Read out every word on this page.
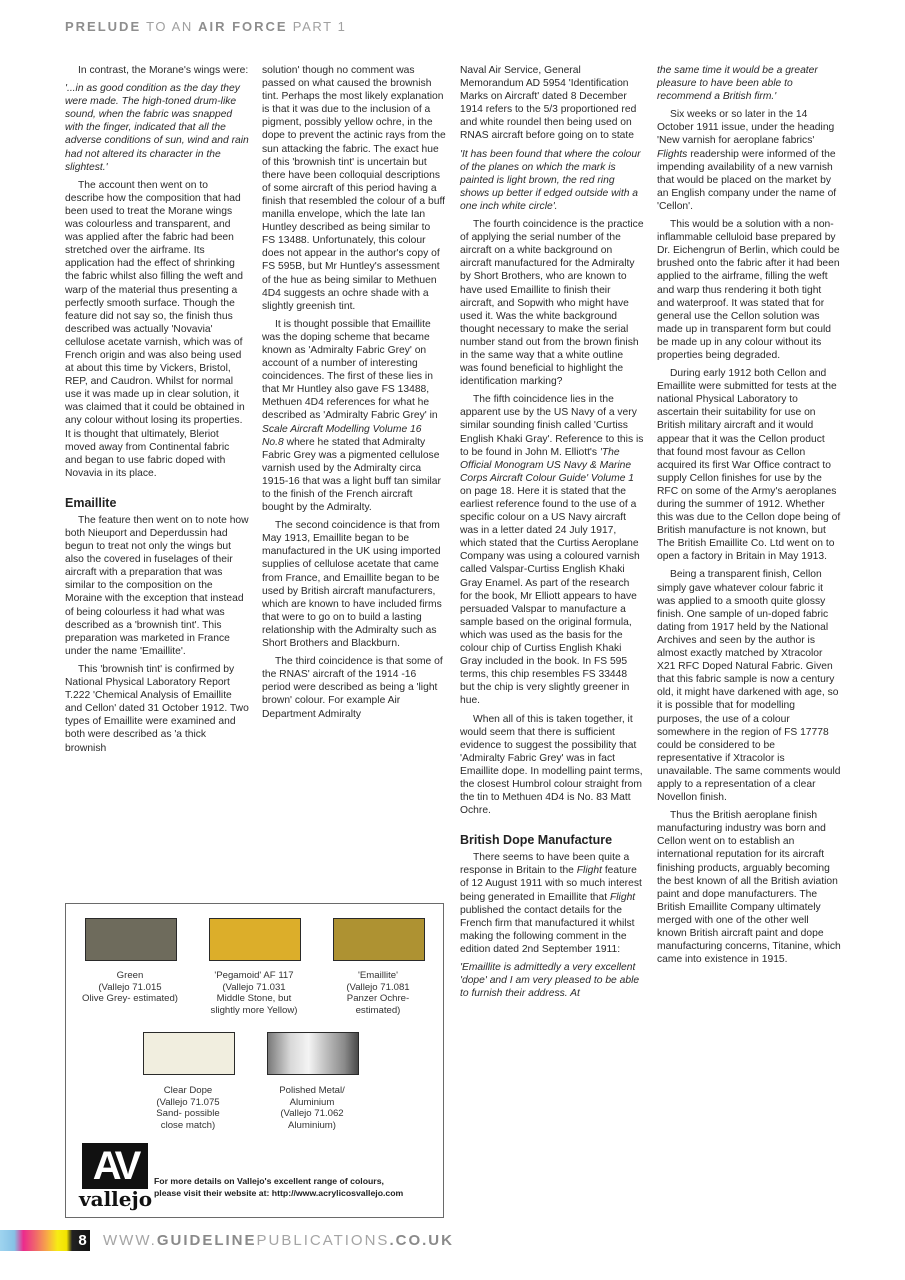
PRELUDE TO AN AIR FORCE PART 1

In contrast, the Morane's wings were:

'...in as good condition as the day they were made. The high-toned drum-like sound, when the fabric was snapped with the finger, indicated that all the adverse conditions of sun, wind and rain had not altered its character in the slightest.'

The account then went on to describe how the composition that had been used to treat the Morane wings was colourless and transparent, and was applied after the fabric had been stretched over the airframe. Its application had the effect of shrinking the fabric whilst also filling the weft and warp of the material thus presenting a perfectly smooth surface. Though the feature did not say so, the finish thus described was actually 'Novavia' cellulose acetate varnish, which was of French origin and was also being used at about this time by Vickers, Bristol, REP, and Caudron. Whilst for normal use it was made up in clear solution, it was claimed that it could be obtained in any colour without losing its properties. It is thought that ultimately, Bleriot moved away from Continental fabric and began to use fabric doped with Novavia in its place.

Emaillite

The feature then went on to note how both Nieuport and Deperdussin had begun to treat not only the wings but also the covered in fuselages of their aircraft with a preparation that was similar to the composition on the Moraine with the exception that instead of being colourless it had what was described as a 'brownish tint'. This preparation was marketed in France under the name 'Emaillite'.

This 'brownish tint' is confirmed by National Physical Laboratory Report T.222 'Chemical Analysis of Emaillite and Cellon' dated 31 October 1912. Two types of Emaillite were examined and both were described as 'a thick brownish

solution' though no comment was passed on what caused the brownish tint. Perhaps the most likely explanation is that it was due to the inclusion of a pigment, possibly yellow ochre, in the dope to prevent the actinic rays from the sun attacking the fabric. The exact hue of this 'brownish tint' is uncertain but there have been colloquial descriptions of some aircraft of this period having a finish that resembled the colour of a buff manilla envelope, which the late Ian Huntley described as being similar to FS 13488. Unfortunately, this colour does not appear in the author's copy of FS 595B, but Mr Huntley's assessment of the hue as being similar to Methuen 4D4 suggests an ochre shade with a slightly greenish tint.

It is thought possible that Emaillite was the doping scheme that became known as 'Admiralty Fabric Grey' on account of a number of interesting coincidences. The first of these lies in that Mr Huntley also gave FS 13488, Methuen 4D4 references for what he described as 'Admiralty Fabric Grey' in Scale Aircraft Modelling Volume 16 No.8 where he stated that Admiralty Fabric Grey was a pigmented cellulose varnish used by the Admiralty circa 1915-16 that was a light buff tan similar to the finish of the French aircraft bought by the Admiralty.

The second coincidence is that from May 1913, Emaillite began to be manufactured in the UK using imported supplies of cellulose acetate that came from France, and Emaillite began to be used by British aircraft manufacturers, which are known to have included firms that were to go on to build a lasting relationship with the Admiralty such as Short Brothers and Blackburn.

The third coincidence is that some of the RNAS' aircraft of the 1914 -16 period were described as being a 'light brown' colour. For example Air Department Admiralty

Naval Air Service, General Memorandum AD 5954 'Identification Marks on Aircraft' dated 8 December 1914 refers to the 5/3 proportioned red and white roundel then being used on RNAS aircraft before going on to state

'It has been found that where the colour of the planes on which the mark is painted is light brown, the red ring shows up better if edged outside with a one inch white circle'.

The fourth coincidence is the practice of applying the serial number of the aircraft on a white background on aircraft manufactured for the Admiralty by Short Brothers, who are known to have used Emaillite to finish their aircraft, and Sopwith who might have used it. Was the white background thought necessary to make the serial number stand out from the brown finish in the same way that a white outline was found beneficial to highlight the identification marking?

The fifth coincidence lies in the apparent use by the US Navy of a very similar sounding finish called 'Curtiss English Khaki Gray'. Reference to this is to be found in John M. Elliott's 'The Official Monogram US Navy & Marine Corps Aircraft Colour Guide' Volume 1 on page 18. Here it is stated that the earliest reference found to the use of a specific colour on a US Navy aircraft was in a letter dated 24 July 1917, which stated that the Curtiss Aeroplane Company was using a coloured varnish called Valspar-Curtiss English Khaki Gray Enamel. As part of the research for the book, Mr Elliott appears to have persuaded Valspar to manufacture a sample based on the original formula, which was used as the basis for the colour chip of Curtiss English Khaki Gray included in the book. In FS 595 terms, this chip resembles FS 33448 but the chip is very slightly greener in hue.

When all of this is taken together, it would seem that there is sufficient evidence to suggest the possibility that 'Admiralty Fabric Grey' was in fact Emaillite dope. In modelling paint terms, the closest Humbrol colour straight from the tin to Methuen 4D4 is No. 83 Matt Ochre.

British Dope Manufacture

There seems to have been quite a response in Britain to the Flight feature of 12 August 1911 with so much interest being generated in Emaillite that Flight published the contact details for the French firm that manufactured it whilst making the following comment in the edition dated 2nd September 1911:

'Emaillite is admittedly a very excellent 'dope' and I am very pleased to be able to furnish their address. At

the same time it would be a greater pleasure to have been able to recommend a British firm.'

Six weeks or so later in the 14 October 1911 issue, under the heading 'New varnish for aeroplane fabrics' Flights readership were informed of the impending availability of a new varnish that would be placed on the market by an English company under the name of 'Cellon'.

This would be a solution with a non-inflammable celluloid base prepared by Dr. Eichengrun of Berlin, which could be brushed onto the fabric after it had been applied to the airframe, filling the weft and warp thus rendering it both tight and waterproof. It was stated that for general use the Cellon solution was made up in transparent form but could be made up in any colour without its properties being degraded.

During early 1912 both Cellon and Emaillite were submitted for tests at the national Physical Laboratory to ascertain their suitability for use on British military aircraft and it would appear that it was the Cellon product that found most favour as Cellon acquired its first War Office contract to supply Cellon finishes for use by the RFC on some of the Army's aeroplanes during the summer of 1912. Whether this was due to the Cellon dope being of British manufacture is not known, but The British Emaillite Co. Ltd went on to open a factory in Britain in May 1913.

Being a transparent finish, Cellon simply gave whatever colour fabric it was applied to a smooth quite glossy finish. One sample of un-doped fabric dating from 1917 held by the National Archives and seen by the author is almost exactly matched by Xtracolor X21 RFC Doped Natural Fabric. Given that this fabric sample is now a century old, it might have darkened with age, so it is possible that for modelling purposes, the use of a colour somewhere in the region of FS 17778 could be considered to be representative if Xtracolor is unavailable. The same comments would apply to a representation of a clear Novellon finish.

Thus the British aeroplane finish manufacturing industry was born and Cellon went on to establish an international reputation for its aircraft finishing products, arguably becoming the best known of all the British aviation paint and dope manufacturers. The British Emaillite Company ultimately merged with one of the other well known British aircraft paint and dope manufacturing concerns, Titanine, which came into existence in 1915.

Green
(Vallejo 71.015
Olive Grey- estimated)
'Pegamoid' AF 117
(Vallejo 71.031
Middle Stone, but
slightly more Yellow)
'Emaillite'
(Vallejo 71.081
Panzer Ochre-
estimated)
Clear Dope
(Vallejo 71.075
Sand- possible
close match)
Polished Metal/
Aluminium
(Vallejo 71.062
Aluminium)
AV
vallejo
For more details on Vallejo's excellent range of colours,
please visit their website at: http://www.acrylicosvallejo.com
8 WWW.GUIDELINEPUBLICATIONS.CO.UK
